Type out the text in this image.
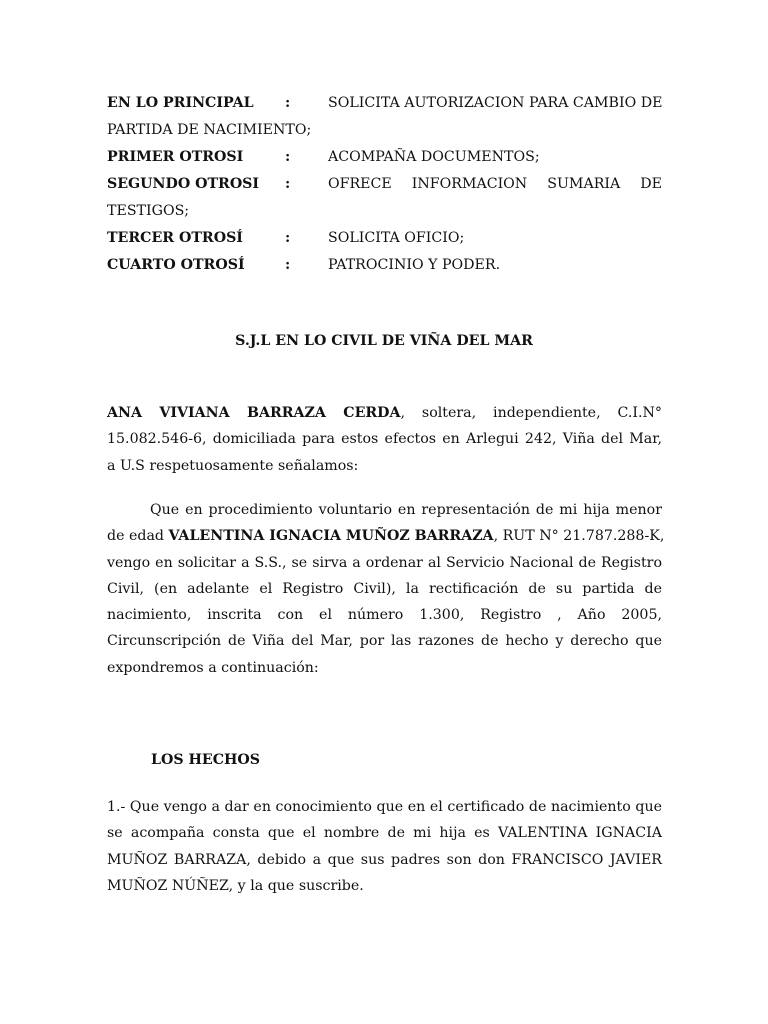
EN LO PRINCIPAL :	SOLICITA AUTORIZACION PARA CAMBIO DE
PARTIDA DE NACIMIENTO;
PRIMER OTROSI	:	ACOMPAÑA DOCUMENTOS;
SEGUNDO OTROSI :	OFRECE INFORMACION SUMARIA DE
TESTIGOS;
TERCER OTROSÍ	:	SOLICITA OFICIO;
CUARTO OTROSÍ	:	PATROCINIO Y PODER.
S.J.L EN LO CIVIL DE VIÑA DEL MAR

ANA VIVIANA BARRAZA CERDA, soltera, independiente, C.I.N°
15.082.546-6, domiciliada para estos efectos en Arlegui 242, Viña del Mar,
a U.S respetuosamente señalamos:

Que en procedimiento voluntario en representación de mi hija menor
de edad VALENTINA IGNACIA MUÑOZ BARRAZA, RUT N° 21.787.288-K,
vengo en solicitar a S.S., se sirva a ordenar al Servicio Nacional de Registro
Civil, (en adelante el Registro Civil), la rectificación de su partida de
nacimiento, inscrita con el número 1.300, Registro , Año 2005,
Circunscripción de Viña del Mar, por las razones de hecho y derecho que
expondremos a continuación:

LOS HECHOS

1.- Que vengo a dar en conocimiento que en el certificado de nacimiento que
se acompaña consta que el nombre de mi hija es VALENTINA IGNACIA
MUÑOZ BARRAZA, debido a que sus padres son don FRANCISCO JAVIER
MUÑOZ NÚÑEZ, y la que suscribe.
